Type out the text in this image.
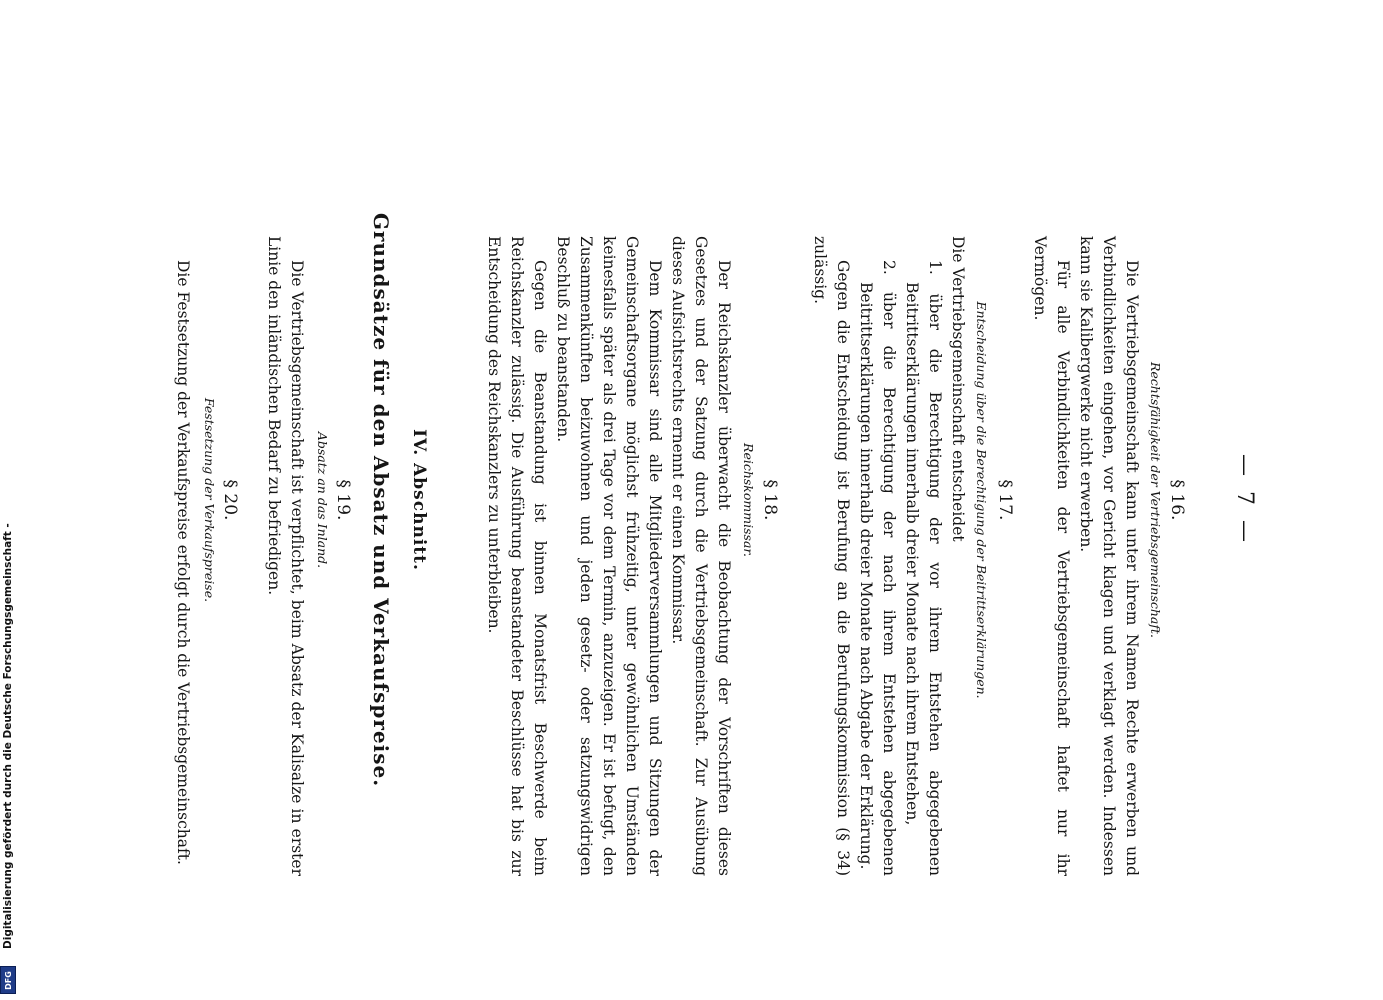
— 7 —
§ 16.
Rechtsfähigkeit der Vertriebsgemeinschaft.

Die Vertriebsgemeinschaft kann unter ihrem Namen Rechte erwerben und Verbindlichkeiten eingehen, vor Gericht klagen und verklagt werden. Indessen kann sie Kalibergwerke nicht erwerben.

Für alle Verbindlichkeiten der Vertriebsgemeinschaft haftet nur ihr Vermögen.

§ 17.
Entscheidung über die Berechtigung der Beitrittserklärungen.

Die Vertriebsgemeinschaft entscheidet

1. über die Berechtigung der vor ihrem Entstehen abgegebenen Beitrittserklärungen innerhalb dreier Monate nach ihrem Entstehen,

2. über die Berechtigung der nach ihrem Entstehen abgegebenen Beitrittserklärungen innerhalb dreier Monate nach Abgabe der Erklärung.

Gegen die Entscheidung ist Berufung an die Berufungskommission (§ 34) zulässig.

§ 18.
Reichskommissar.

Der Reichskanzler überwacht die Beobachtung der Vorschriften dieses Gesetzes und der Satzung durch die Vertriebsgemeinschaft. Zur Ausübung dieses Aufsichtsrechts ernennt er einen Kommissar.

Dem Kommissar sind alle Mitgliederversammlungen und Sitzungen der Gemeinschaftsorgane möglichst frühzeitig, unter gewöhnlichen Umständen keinesfalls später als drei Tage vor dem Termin, anzuzeigen. Er ist befugt, den Zusammenkünften beizuwohnen und jeden gesetz- oder satzungswidrigen Beschluß zu beanstanden.

Gegen die Beanstandung ist binnen Monatsfrist Beschwerde beim Reichskanzler zulässig. Die Ausführung beanstandeter Beschlüsse hat bis zur Entscheidung des Reichskanzlers zu unterbleiben.

IV. Abschnitt.
Grundsätze für den Absatz und Verkaufspreise.
§ 19.
Absatz an das Inland.

Die Vertriebsgemeinschaft ist verpflichtet, beim Absatz der Kalisalze in erster Linie den inländischen Bedarf zu befriedigen.

§ 20.
Festsetzung der Verkaufspreise.

Die Festsetzung der Verkaufspreise erfolgt durch die Vertriebsgemeinschaft.

Digitalisierung gefördert durch die Deutsche Forschungsgemeinschaft -
DFG
